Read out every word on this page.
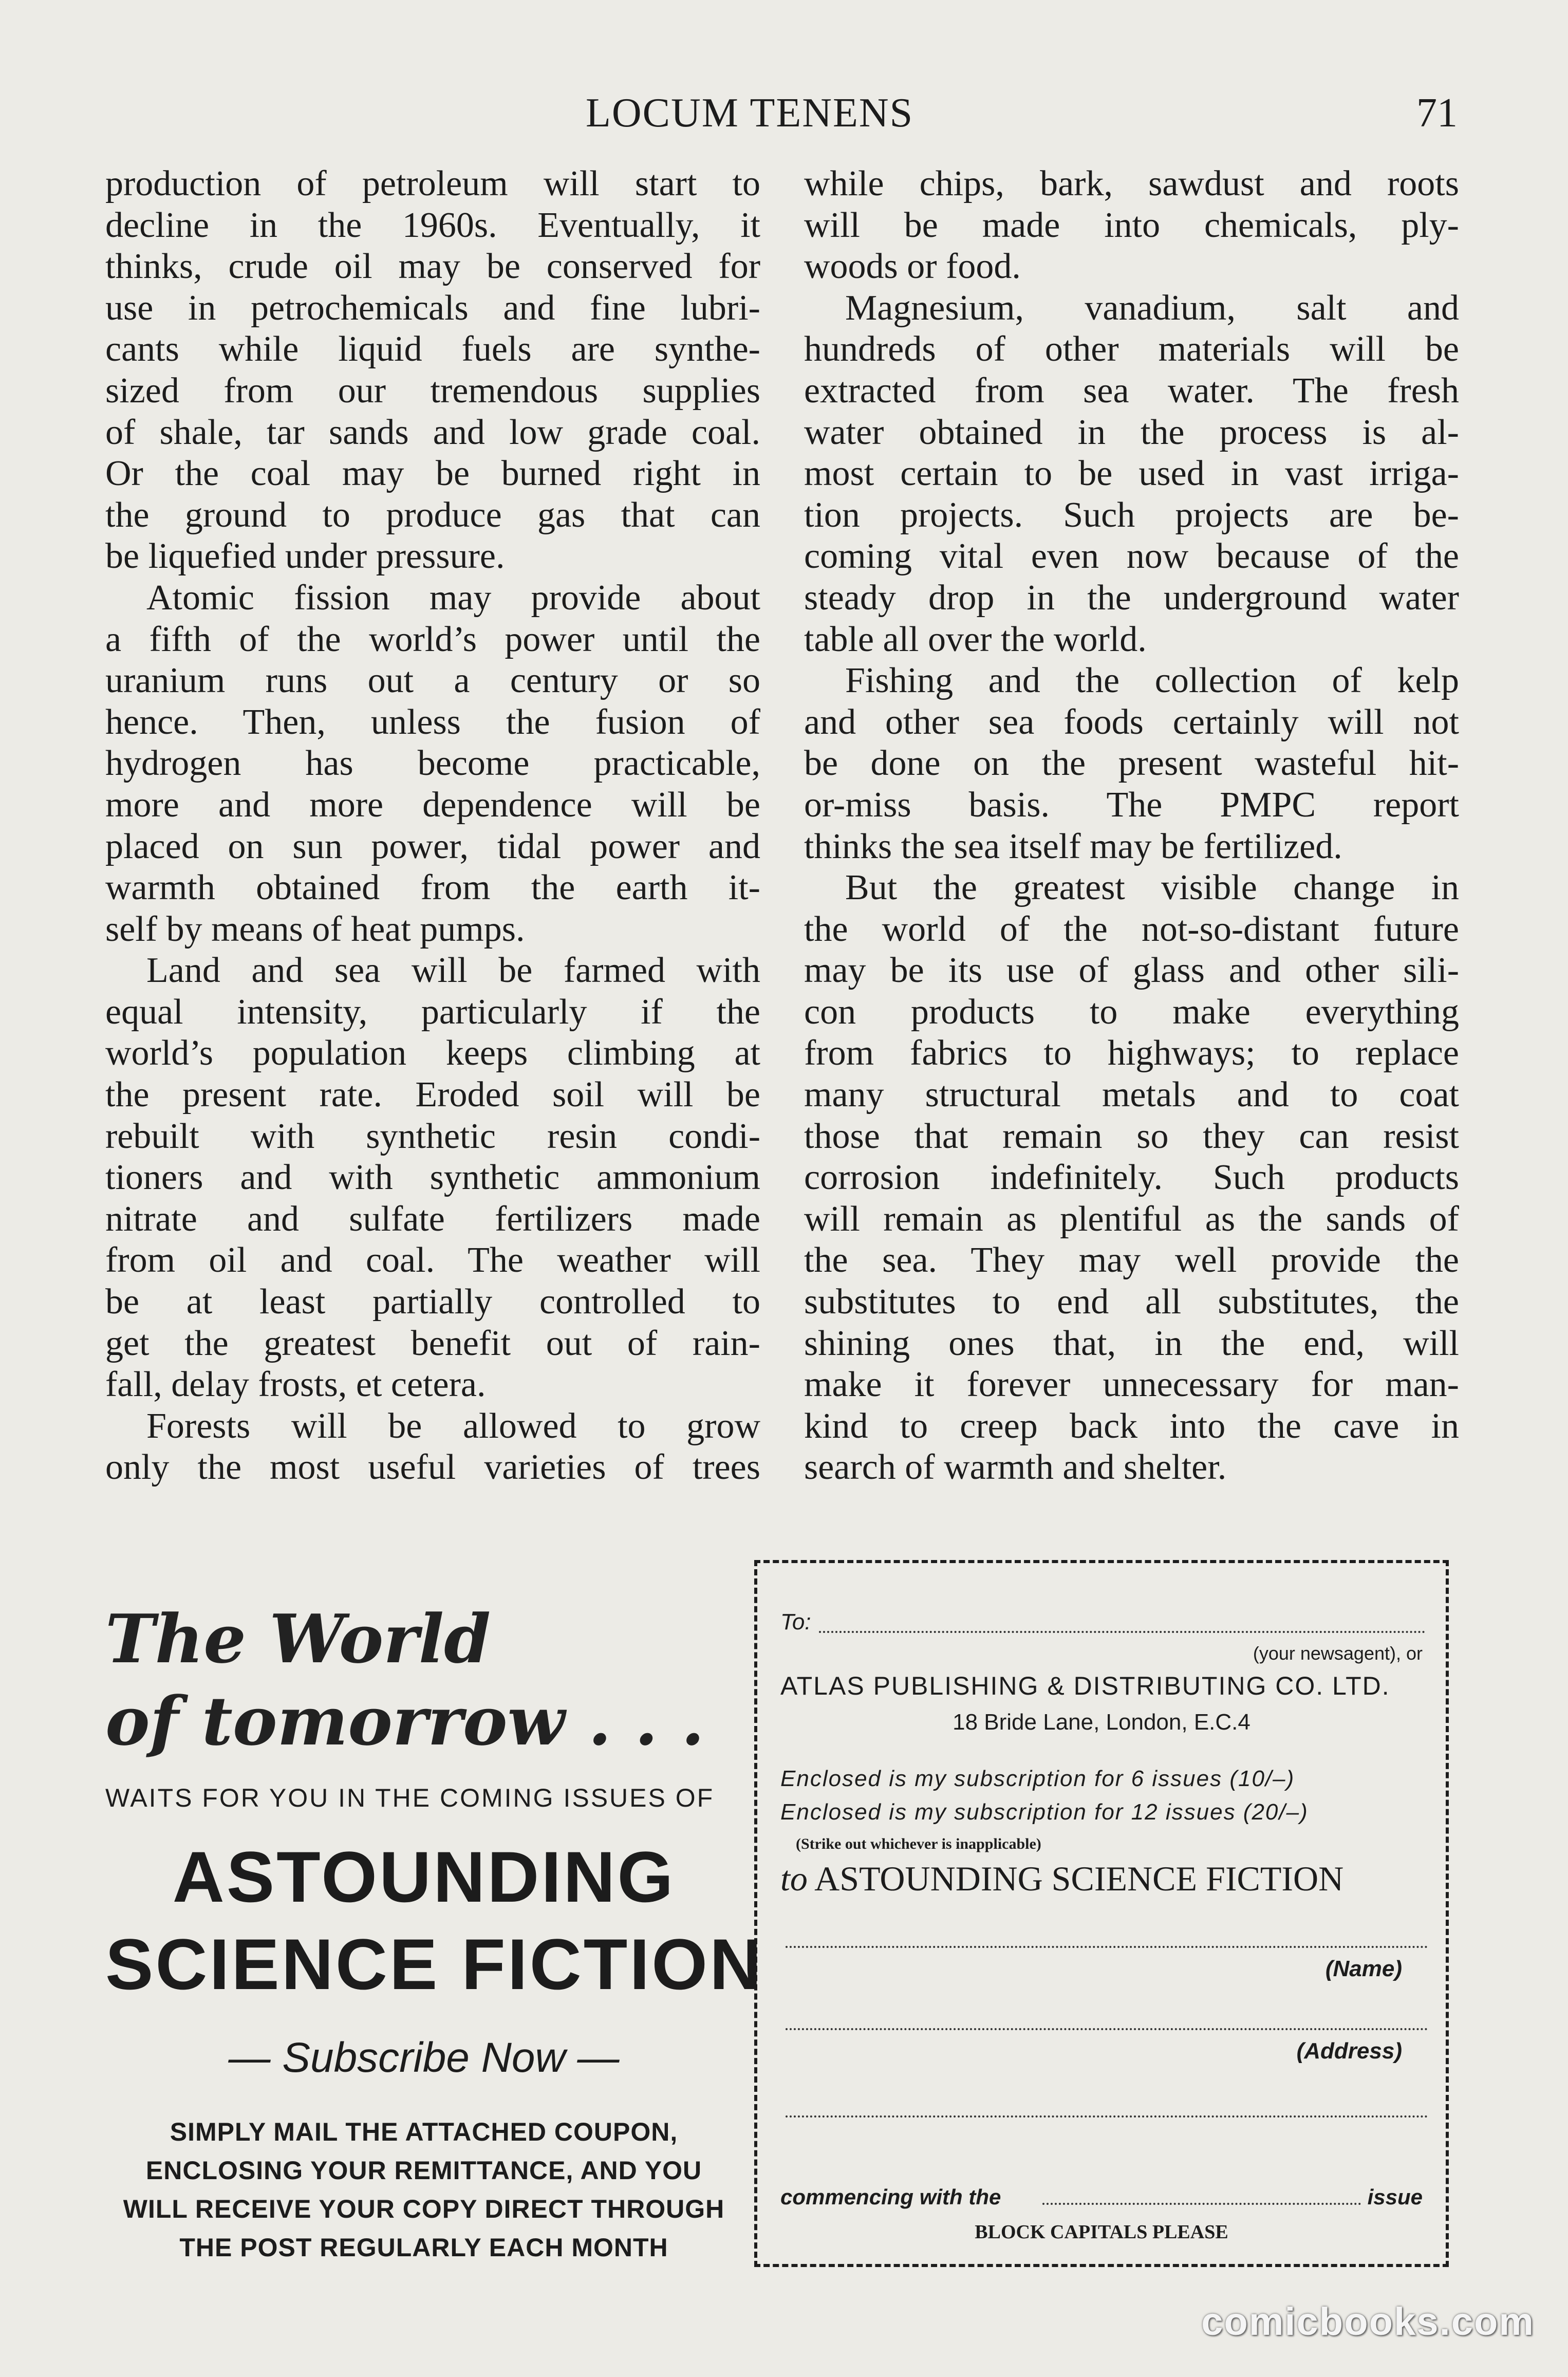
LOCUM TENENS	71
production of petroleum will start to
decline in the 1960s. Eventually, it
thinks, crude oil may be conserved for
use in petrochemicals and fine lubri-
cants while liquid fuels are synthe-
sized from our tremendous supplies
of shale, tar sands and low grade coal.
Or the coal may be burned right in
the ground to produce gas that can
be liquefied under pressure.
Atomic fission may provide about
a fifth of the world’s power until the
uranium runs out a century or so
hence. Then, unless the fusion of
hydrogen has become practicable,
more and more dependence will be
placed on sun power, tidal power and
warmth obtained from the earth it-
self by means of heat pumps.
Land and sea will be farmed with
equal intensity, particularly if the
world’s population keeps climbing at
the present rate. Eroded soil will be
rebuilt with synthetic resin condi-
tioners and with synthetic ammonium
nitrate and sulfate fertilizers made
from oil and coal. The weather will
be at least partially controlled to
get the greatest benefit out of rain-
fall, delay frosts, et cetera.
Forests will be allowed to grow
only the most useful varieties of trees
while chips, bark, sawdust and roots
will be made into chemicals, ply-
woods or food.
Magnesium, vanadium, salt and
hundreds of other materials will be
extracted from sea water. The fresh
water obtained in the process is al-
most certain to be used in vast irriga-
tion projects. Such projects are be-
coming vital even now because of the
steady drop in the underground water
table all over the world.
Fishing and the collection of kelp
and other sea foods certainly will not
be done on the present wasteful hit-
or-miss basis. The PMPC report
thinks the sea itself may be fertilized.
But the greatest visible change in
the world of the not-so-distant future
may be its use of glass and other sili-
con products to make everything
from fabrics to highways; to replace
many structural metals and to coat
those that remain so they can resist
corrosion indefinitely. Such products
will remain as plentiful as the sands of
the sea. They may well provide the
substitutes to end all substitutes, the
shining ones that, in the end, will
make it forever unnecessary for man-
kind to creep back into the cave in
search of warmth and shelter.
The World
of tomorrow . . .
WAITS FOR YOU IN THE COMING ISSUES OF
ASTOUNDING
SCIENCE FICTION
— Subscribe Now —
SIMPLY MAIL THE ATTACHED COUPON,
ENCLOSING YOUR REMITTANCE, AND YOU
WILL RECEIVE YOUR COPY DIRECT THROUGH
THE POST REGULARLY EACH MONTH
To:
(your newsagent), or
ATLAS PUBLISHING & DISTRIBUTING CO. LTD.
18 Bride Lane, London, E.C.4
Enclosed is my subscription for 6 issues (10/–)
Enclosed is my subscription for 12 issues (20/–)
(Strike out whichever is inapplicable)
to ASTOUNDING SCIENCE FICTION
(Name)
(Address)
commencing with the	issue
BLOCK CAPITALS PLEASE
comicbooks.com
